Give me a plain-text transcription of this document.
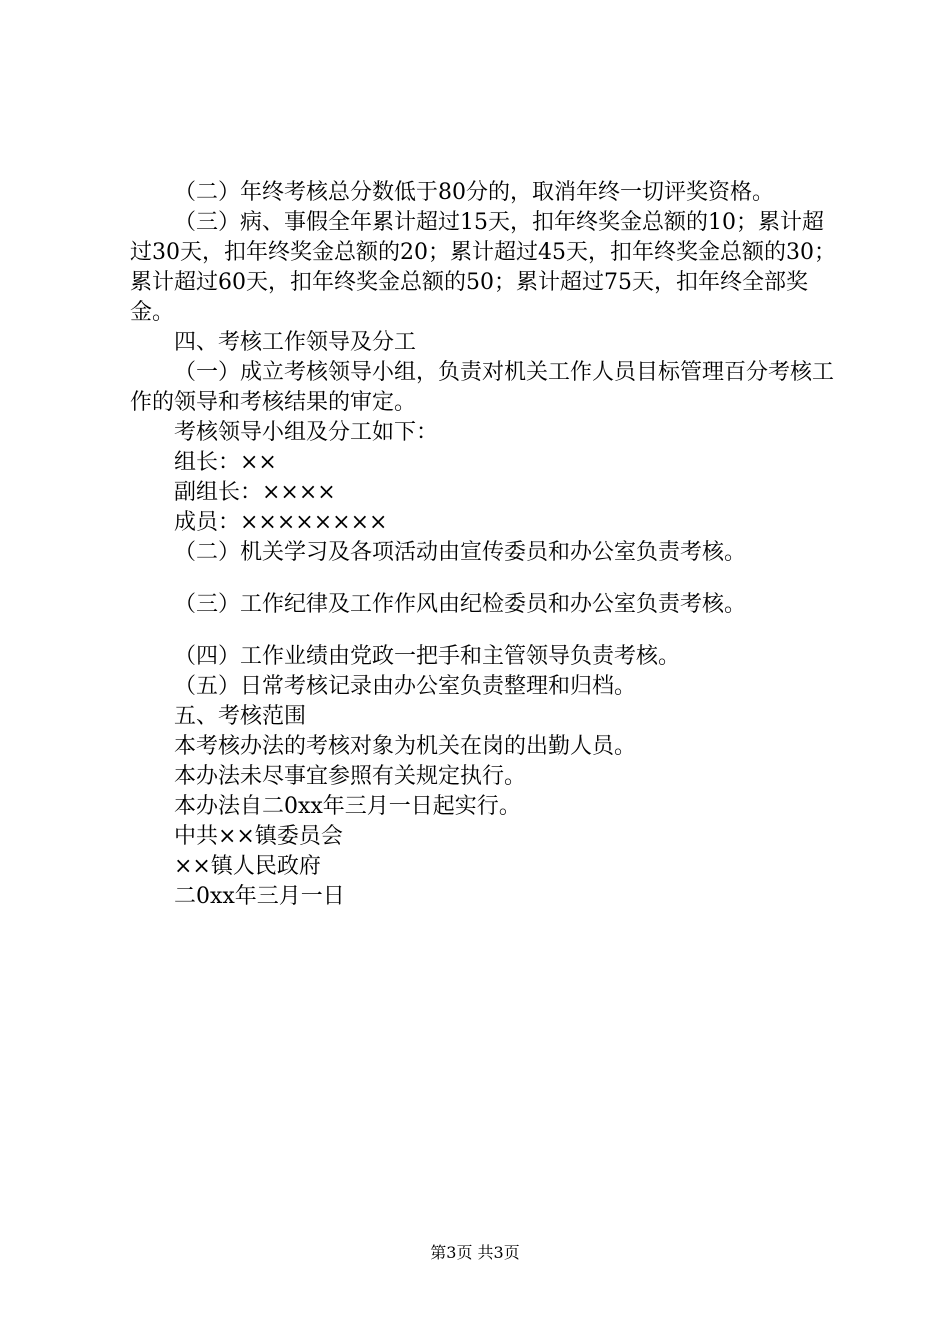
（二）年终考核总分数低于80分的，取消年终一切评奖资格。

（三）病、事假全年累计超过15天，扣年终奖金总额的10；累计超过30天，扣年终奖金总额的20；累计超过45天，扣年终奖金总额的30；累计超过60天，扣年终奖金总额的50；累计超过75天，扣年终全部奖金。

四、考核工作领导及分工

（一）成立考核领导小组，负责对机关工作人员目标管理百分考核工作的领导和考核结果的审定。

考核领导小组及分工如下：

组长：××

副组长：××××

成员：××××××××

（二）机关学习及各项活动由宣传委员和办公室负责考核。

（三）工作纪律及工作作风由纪检委员和办公室负责考核。

（四）工作业绩由党政一把手和主管领导负责考核。

（五）日常考核记录由办公室负责整理和归档。

五、考核范围

本考核办法的考核对象为机关在岗的出勤人员。

本办法未尽事宜参照有关规定执行。

本办法自二0xx年三月一日起实行。

中共××镇委员会

××镇人民政府

二0xx年三月一日

第3页 共3页
